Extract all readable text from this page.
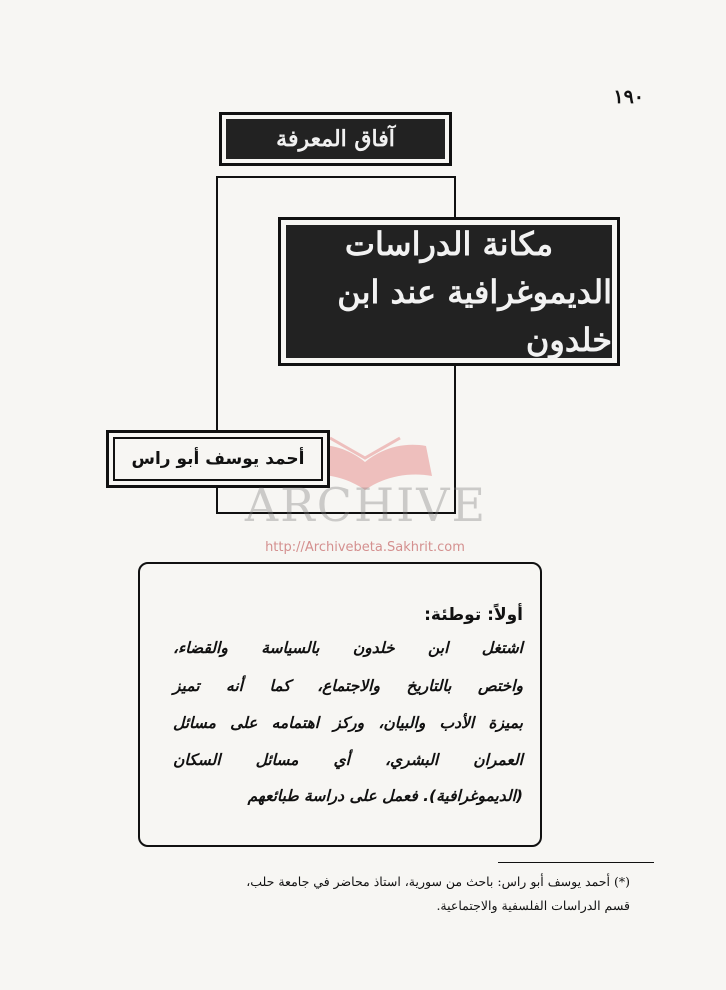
١٩٠
آفاق المعرفة
مكانة الدراسات
الديموغرافية عند ابن خلدون
أحمد يوسف أبو راس
ARCHIVE
http://Archivebeta.Sakhrit.com
أولاً: توطئة:
اشتغل ابن خلدون بالسياسة والقضاء،
واختص بالتاريخ والاجتماع، كما أنه تميز
بميزة الأدب والبيان، وركز اهتمامه على مسائل
العمران البشري، أي مسائل السكان
(الديموغرافية). فعمل على دراسة طبائعهم
(*) أحمد يوسف أبو راس: باحث من سورية، استاذ محاضر في جامعة حلب،
قسم الدراسات الفلسفية والاجتماعية.
